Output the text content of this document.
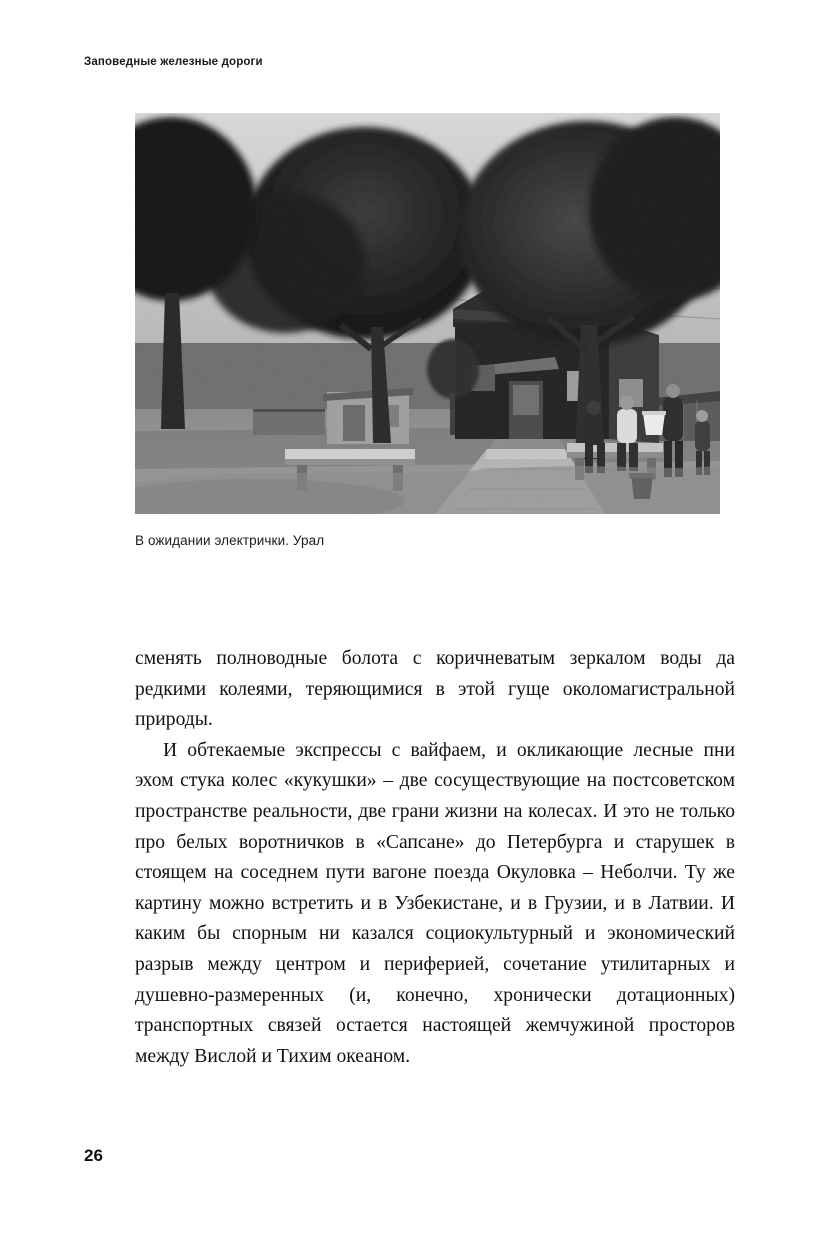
Заповедные железные дороги
В ожидании электрички. Урал

сменять полноводные болота с коричневатым зеркалом воды да редкими колеями, теряющимися в этой гуще околомагистральной природы.

И обтекаемые экспрессы с вайфаем, и окликающие лесные пни эхом стука колес «кукушки» – две сосуществующие на постсоветском пространстве реальности, две грани жизни на колесах. И это не только про белых воротничков в «Сапсане» до Петербурга и старушек в стоящем на соседнем пути вагоне поезда Окуловка – Неболчи. Ту же картину можно встретить и в Узбекистане, и в Грузии, и в Латвии. И каким бы спорным ни казался социокультурный и экономический разрыв между центром и периферией, сочетание утилитарных и душевно-размеренных (и, конечно, хронически дотационных) транспортных связей остается настоящей жемчужиной просторов между Вислой и Тихим океаном.

26
